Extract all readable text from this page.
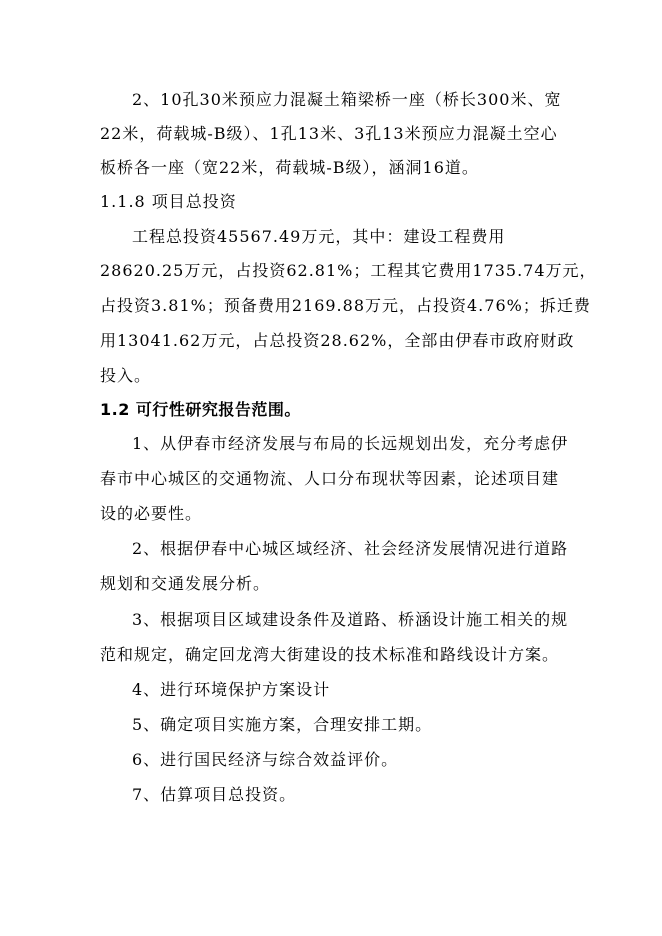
2、10孔30米预应力混凝土箱梁桥一座（桥长300米、宽
22米，荷载城-B级）、1孔13米、3孔13米预应力混凝土空心
板桥各一座（宽22米，荷载城-B级），涵洞16道。
1.1.8 项目总投资
工程总投资45567.49万元，其中：建设工程费用
28620.25万元，占投资62.81%；工程其它费用1735.74万元，
占投资3.81%；预备费用2169.88万元，占投资4.76%；拆迁费
用13041.62万元，占总投资28.62%，全部由伊春市政府财政
投入。
1.2 可行性研究报告范围。
1、从伊春市经济发展与布局的长远规划出发，充分考虑伊
春市中心城区的交通物流、人口分布现状等因素，论述项目建
设的必要性。
2、根据伊春中心城区域经济、社会经济发展情况进行道路
规划和交通发展分析。
3、根据项目区域建设条件及道路、桥涵设计施工相关的规
范和规定，确定回龙湾大街建设的技术标准和路线设计方案。
4、进行环境保护方案设计
5、确定项目实施方案，合理安排工期。
6、进行国民经济与综合效益评价。
7、估算项目总投资。
